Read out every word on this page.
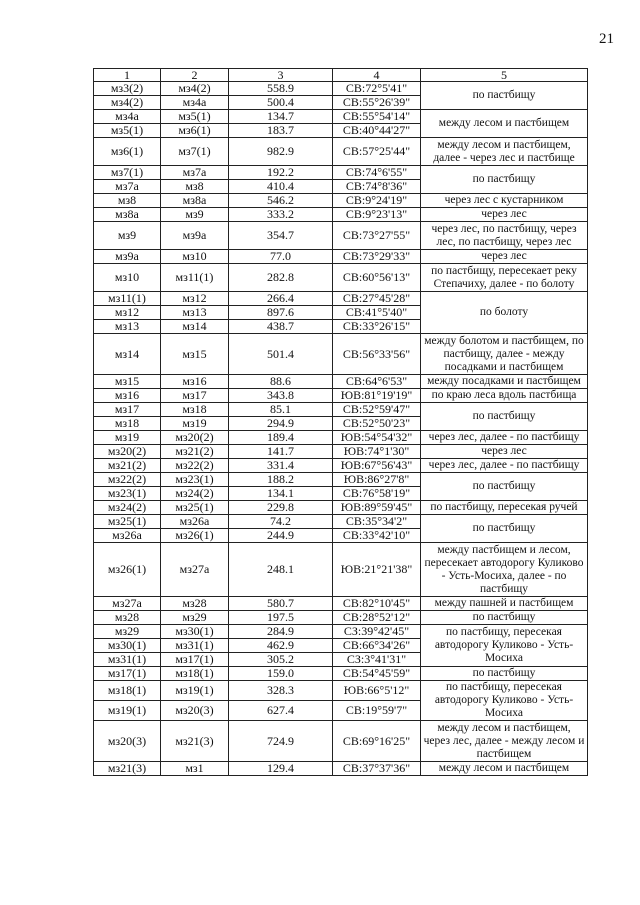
21
1	2	3	4	5
мз3(2)	мз4(2)	558.9	СВ:72°5'41"	по пастбищу
мз4(2)	мз4а	500.4	СВ:55°26'39"	
мз4а	мз5(1)	134.7	СВ:55°54'14"	между лесом и пастбищем
мз5(1)	мз6(1)	183.7	СВ:40°44'27"	
мз6(1)	мз7(1)	982.9	СВ:57°25'44"	между лесом и пастбищем, далее - через лес и пастбище
мз7(1)	мз7а	192.2	СВ:74°6'55"	по пастбищу
мз7а	мз8	410.4	СВ:74°8'36"	
мз8	мз8а	546.2	СВ:9°24'19"	через лес с кустарником
мз8а	мз9	333.2	СВ:9°23'13"	через лес
мз9	мз9а	354.7	СВ:73°27'55"	через лес, по пастбищу, через лес, по пастбищу, через лес
мз9а	мз10	77.0	СВ:73°29'33"	через лес
мз10	мз11(1)	282.8	СВ:60°56'13"	по пастбищу, пересекает реку Степачиху, далее - по болоту
мз11(1)	мз12	266.4	СВ:27°45'28"	по болоту
мз12	мз13	897.6	СВ:41°5'40"	
мз13	мз14	438.7	СВ:33°26'15"	
мз14	мз15	501.4	СВ:56°33'56"	между болотом и пастбищем, по пастбищу, далее - между посадками и пастбищем
мз15	мз16	88.6	СВ:64°6'53"	между посадками и пастбищем
мз16	мз17	343.8	ЮВ:81°19'19"	по краю леса вдоль пастбища
мз17	мз18	85.1	СВ:52°59'47"	по пастбищу
мз18	мз19	294.9	СВ:52°50'23"	
мз19	мз20(2)	189.4	ЮВ:54°54'32"	через лес, далее - по пастбищу
мз20(2)	мз21(2)	141.7	ЮВ:74°1'30"	через лес
мз21(2)	мз22(2)	331.4	ЮВ:67°56'43"	через лес, далее - по пастбищу
мз22(2)	мз23(1)	188.2	ЮВ:86°27'8"	по пастбищу
мз23(1)	мз24(2)	134.1	СВ:76°58'19"	
мз24(2)	мз25(1)	229.8	ЮВ:89°59'45"	по пастбищу, пересекая ручей
мз25(1)	мз26а	74.2	СВ:35°34'2"	по пастбищу
мз26а	мз26(1)	244.9	СВ:33°42'10"	
мз26(1)	мз27а	248.1	ЮВ:21°21'38"	между пастбищем и лесом, пересекает автодорогу Куликово - Усть-Мосиха, далее - по пастбищу
мз27а	мз28	580.7	СВ:82°10'45"	между пашней и пастбищем
мз28	мз29	197.5	СВ:28°52'12"	по пастбищу
мз29	мз30(1)	284.9	СЗ:39°42'45"	по пастбищу, пересекая автодорогу Куликово - Усть-Мосиха
мз30(1)	мз31(1)	462.9	СВ:66°34'26"	
мз31(1)	мз17(1)	305.2	СЗ:3°41'31"	
мз17(1)	мз18(1)	159.0	СВ:54°45'59"	по пастбищу
мз18(1)	мз19(1)	328.3	ЮВ:66°5'12"	по пастбищу, пересекая автодорогу Куликово - Усть-Мосиха
мз19(1)	мз20(3)	627.4	СВ:19°59'7"	
мз20(3)	мз21(3)	724.9	СВ:69°16'25"	между лесом и пастбищем, через лес, далее - между лесом и пастбищем
мз21(3)	мз1	129.4	СВ:37°37'36"	между лесом и пастбищем
